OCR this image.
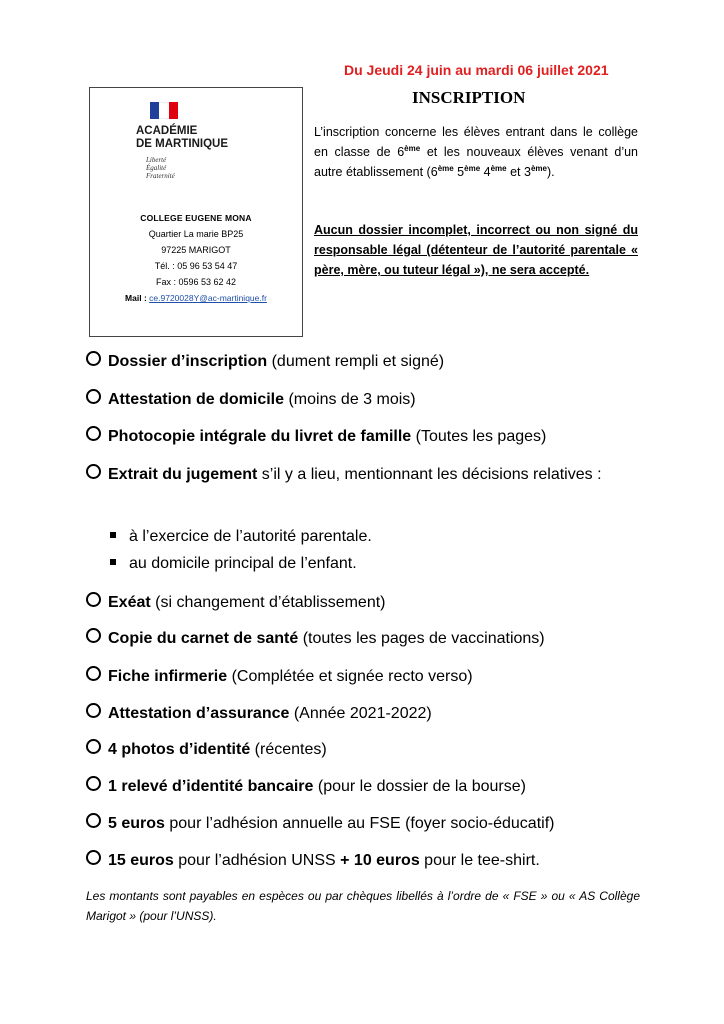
Du Jeudi 24 juin au mardi 06 juillet 2021
INSCRIPTION
ACADÉMIE
DE MARTINIQUE
Liberté
Égalité
Fraternité
COLLEGE EUGENE MONA
Quartier La marie BP25
97225 MARIGOT
Tél. : 05 96 53 54 47
Fax : 0596 53 62 42
Mail : ce.9720028Y@ac-martinique.fr
L’inscription concerne les élèves entrant dans le collège en classe de 6ème et les nouveaux élèves venant d’un autre établissement (6ème 5ème 4ème et 3ème).
Aucun dossier incomplet, incorrect ou non signé du responsable légal (détenteur de l’autorité parentale « père, mère, ou tuteur légal »), ne sera accepté.
Dossier d’inscription (dument rempli et signé)
Attestation de domicile (moins de 3 mois)
Photocopie intégrale du livret de famille (Toutes les pages)
Extrait du jugement s’il y a lieu, mentionnant les décisions relatives :
à l’exercice de l’autorité parentale.
au domicile principal de l’enfant.
Exéat (si changement d’établissement)
Copie du carnet de santé (toutes les pages de vaccinations)
Fiche infirmerie (Complétée et signée recto verso)
Attestation d’assurance (Année 2021-2022)
4 photos d’identité (récentes)
1 relevé d’identité bancaire (pour le dossier de la bourse)
5 euros pour l’adhésion annuelle au FSE (foyer socio-éducatif)
15 euros pour l’adhésion UNSS + 10 euros pour le tee-shirt.
Les montants sont payables en espèces ou par chèques libellés à l’ordre de « FSE » ou « AS Collège Marigot » (pour l’UNSS).
